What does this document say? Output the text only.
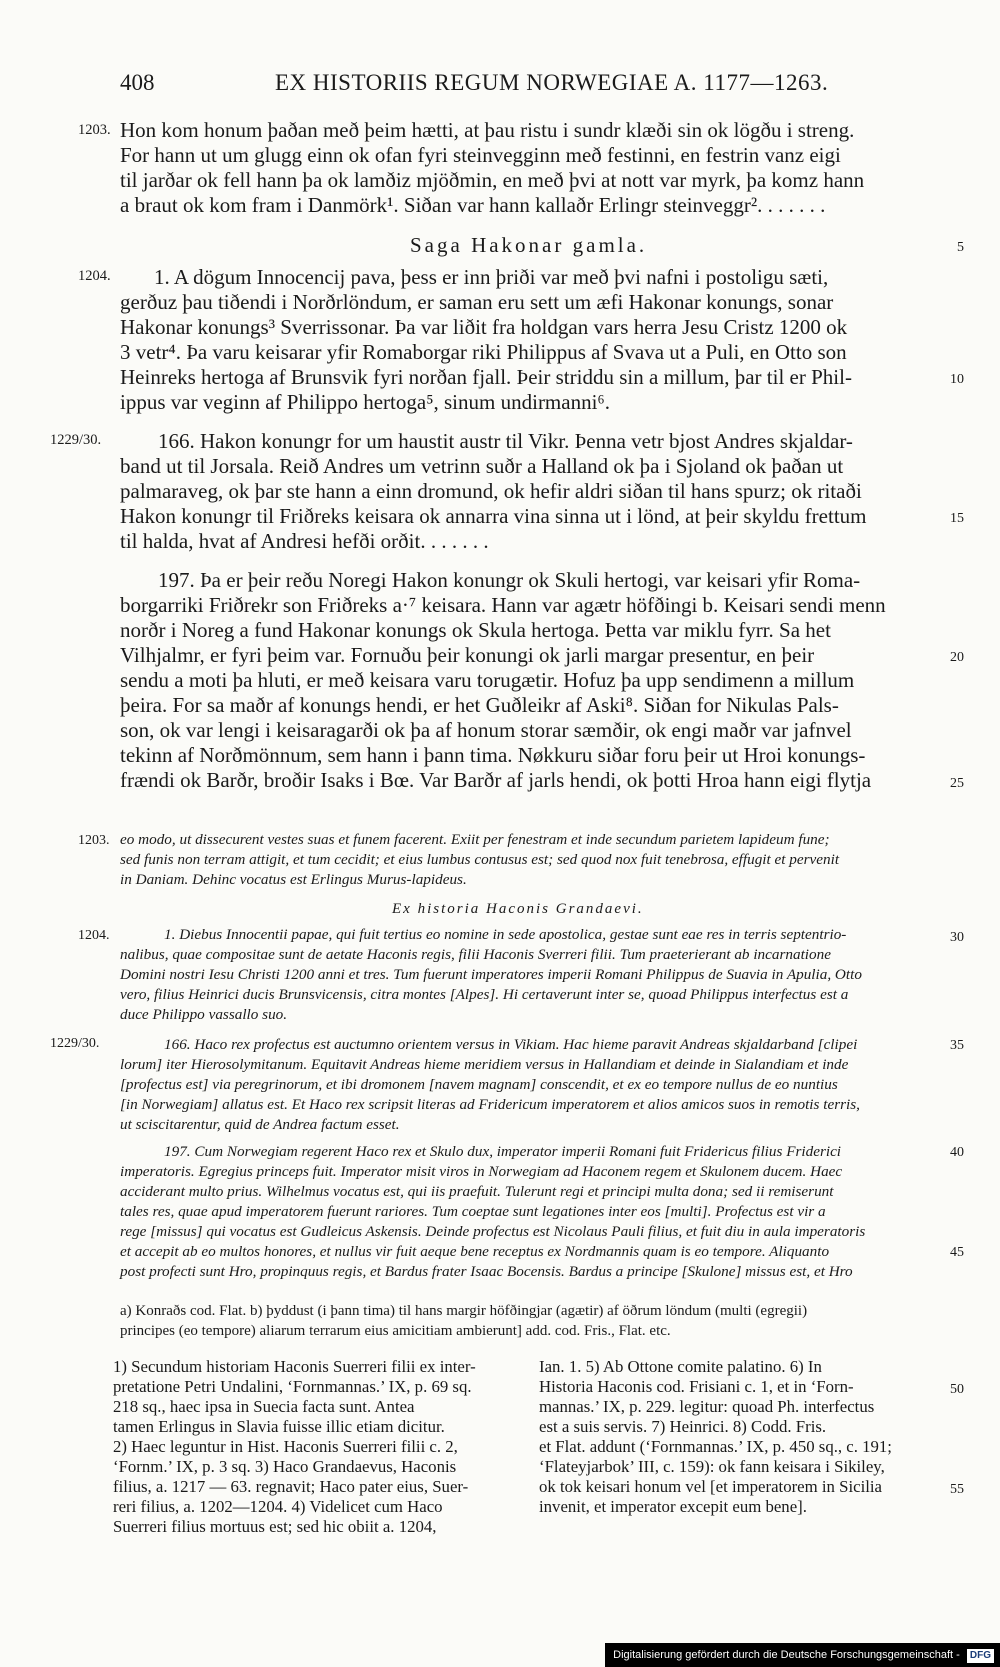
408	EX HISTORIIS REGUM NORWEGIAE A. 1177—1263.
1203.
1204.
1229/30.
Hon kom honum þaðan með þeim hætti, at þau ristu i sundr klæði sin ok lögðu i streng.
For hann ut um glugg einn ok ofan fyri steinvegginn með festinni, en festrin vanz eigi
til jarðar ok fell hann þa ok lamðiz mjöðmin, en með þvi at nott var myrk, þa komz hann
a braut ok kom fram i Danmörk¹. Siðan var hann kallaðr Erlingr steinveggr². . . . . . .
Saga Hakonar gamla.	5
1. A dögum Innocencij pava, þess er inn þriði var með þvi nafni i postoligu sæti,
gerðuz þau tiðendi i Norðrlöndum, er saman eru sett um æfi Hakonar konungs, sonar
Hakonar konungs³ Sverrissonar. Þa var liðit fra holdgan vars herra Jesu Cristz 1200 ok
3 vetr⁴. Þa varu keisarar yfir Romaborgar riki Philippus af Svava ut a Puli, en Otto son
Heinreks hertoga af Brunsvik fyri norðan fjall. Þeir striddu sin a millum, þar til er Phil-	10
ippus var veginn af Philippo hertoga⁵, sinum undirmanni⁶.
166. Hakon konungr for um haustit austr til Vikr. Þenna vetr bjost Andres skjaldar-
band ut til Jorsala. Reið Andres um vetrinn suðr a Halland ok þa i Sjoland ok þaðan ut
palmaraveg, ok þar ste hann a einn dromund, ok hefir aldri siðan til hans spurz; ok ritaði
Hakon konungr til Friðreks keisara ok annarra vina sinna ut i lönd, at þeir skyldu frettum	15
til halda, hvat af Andresi hefði orðit. . . . . . .
197. Þa er þeir reðu Noregi Hakon konungr ok Skuli hertogi, var keisari yfir Roma-
borgarriki Friðrekr son Friðreks a·⁷ keisara. Hann var agætr höfðingi b. Keisari sendi menn
norðr i Noreg a fund Hakonar konungs ok Skula hertoga. Þetta var miklu fyrr. Sa het
Vilhjalmr, er fyri þeim var. Fornuðu þeir konungi ok jarli margar presentur, en þeir	20
sendu a moti þa hluti, er með keisara varu torugætir. Hofuz þa upp sendimenn a millum
þeira. For sa maðr af konungs hendi, er het Guðleikr af Aski⁸. Siðan for Nikulas Pals-
son, ok var lengi i keisaragarði ok þa af honum storar sæmðir, ok engi maðr var jafnvel
tekinn af Norðmönnum, sem hann i þann tima. Nøkkuru siðar foru þeir ut Hroi konungs-
frændi ok Barðr, broðir Isaks i Bœ. Var Barðr af jarls hendi, ok þotti Hroa hann eigi flytja	25
1203. eo modo, ut dissecurent vestes suas et funem facerent. Exiit per fenestram et inde secundum parietem lapideum fune;
sed funis non terram attigit, et tum cecidit; et eius lumbus contusus est; sed quod nox fuit tenebrosa, effugit et pervenit
in Daniam. Dehinc vocatus est Erlingus Murus-lapideus.
Ex historia Haconis Grandaevi.
1204.	1. Diebus Innocentii papae, qui fuit tertius eo nomine in sede apostolica, gestae sunt eae res in terris septentrio-	30
nalibus, quae compositae sunt de aetate Haconis regis, filii Haconis Sverreri filii. Tum praeterierant ab incarnatione
Domini nostri Iesu Christi 1200 anni et tres. Tum fuerunt imperatores imperii Romani Philippus de Suavia in Apulia, Otto
vero, filius Heinrici ducis Brunsvicensis, citra montes [Alpes]. Hi certaverunt inter se, quoad Philippus interfectus est a
duce Philippo vassallo suo.
1229/30.	166. Haco rex profectus est auctumno orientem versus in Vikiam. Hac hieme paravit Andreas skjaldarband [clipei	35
lorum] iter Hierosolymitanum. Equitavit Andreas hieme meridiem versus in Hallandiam et deinde in Sialandiam et inde
[profectus est] via peregrinorum, et ibi dromonem [navem magnam] conscendit, et ex eo tempore nullus de eo nuntius
[in Norwegiam] allatus est. Et Haco rex scripsit literas ad Fridericum imperatorem et alios amicos suos in remotis terris,
ut sciscitarentur, quid de Andrea factum esset.
197. Cum Norwegiam regerent Haco rex et Skulo dux, imperator imperii Romani fuit Fridericus filius Friderici	40
imperatoris. Egregius princeps fuit. Imperator misit viros in Norwegiam ad Haconem regem et Skulonem ducem. Haec
acciderant multo prius. Wilhelmus vocatus est, qui iis praefuit. Tulerunt regi et principi multa dona; sed ii remiserunt
tales res, quae apud imperatorem fuerunt rariores. Tum coeptae sunt legationes inter eos [multi]. Profectus est vir a
rege [missus] qui vocatus est Gudleicus Askensis. Deinde profectus est Nicolaus Pauli filius, et fuit diu in aula imperatoris
et accepit ab eo multos honores, et nullus vir fuit aeque bene receptus ex Nordmannis quam is eo tempore. Aliquanto	45
post profecti sunt Hro, propinquus regis, et Bardus frater Isaac Bocensis. Bardus a principe [Skulone] missus est, et Hro
a) Konraðs cod. Flat. b) þyddust (i þann tima) til hans margir höfðingjar (agætir) af öðrum löndum (multi (egregii)
principes (eo tempore) aliarum terrarum eius amicitiam ambierunt] add. cod. Fris., Flat. etc.
1) Secundum historiam Haconis Suerreri filii ex inter-
pretatione Petri Undalini, ‘Fornmannas.’ IX, p. 69 sq.
218 sq., haec ipsa in Suecia facta sunt. Antea
tamen Erlingus in Slavia fuisse illic etiam dicitur.
2) Haec leguntur in Hist. Haconis Suerreri filii c. 2,
‘Fornm.’ IX, p. 3 sq. 3) Haco Grandaevus, Haconis
filius, a. 1217 — 63. regnavit; Haco pater eius, Suer-
reri filius, a. 1202—1204. 4) Videlicet cum Haco
Suerreri filius mortuus est; sed hic obiit a. 1204,
Ian. 1. 5) Ab Ottone comite palatino. 6) In
Historia Haconis cod. Frisiani c. 1, et in ‘Forn-
mannas.’ IX, p. 229. legitur: quoad Ph. interfectus
est a suis servis. 7) Heinrici. 8) Codd. Fris.
et Flat. addunt (‘Fornmannas.’ IX, p. 450 sq., c. 191;
‘Flateyjarbok’ III, c. 159): ok fann keisara i Sikiley,
ok tok keisari honum vel [et imperatorem in Sicilia
invenit, et imperator excepit eum bene].
50
55
Digitalisierung gefördert durch die Deutsche Forschungsgemeinschaft - DFG
